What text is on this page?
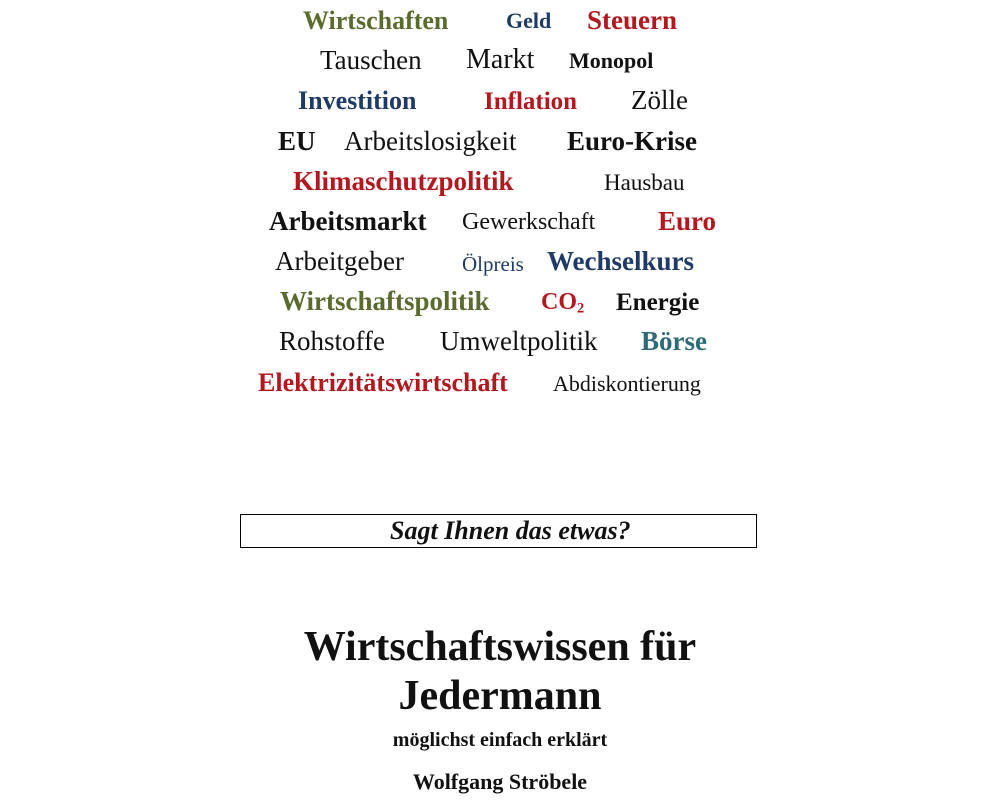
Wirtschaften	Geld Steuern
Tauschen Markt Monopol
Investition	Inflation Zölle
EU Arbeitslosigkeit Euro-Krise
Klimaschutzpolitik	Hausbau
Arbeitsmarkt Gewerkschaft Euro
Arbeitgeber	Ölpreis Wechselkurs
Wirtschaftspolitik $CO_2$ Energie
Rohstoffe Umweltpolitik Börse
Elektrizitätswirtschaft Abdiskontierung
Sagt Ihnen das etwas?
Wirtschaftswissen für
Jedermann
möglichst einfach erklärt
Wolfgang Ströbele
